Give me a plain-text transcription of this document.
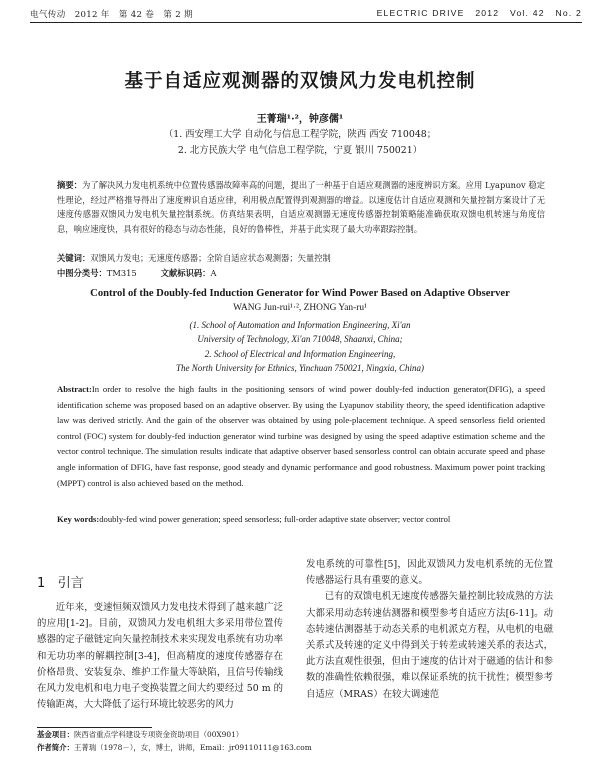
电气传动 2012 年 第 42 卷 第 2 期	ELECTRIC DRIVE 2012 Vol. 42 No. 2
基于自适应观测器的双馈风力发电机控制
王菁瑞¹·²，钟彦儒¹
（1. 西安理工大学 自动化与信息工程学院，陕西 西安 710048；
2. 北方民族大学 电气信息工程学院，宁夏 银川 750021）
摘要：为了解决风力发电机系统中位置传感器故障率高的问题，提出了一种基于自适应观测器的速度辨识方案。应用 Lyapunov 稳定性理论，经过严格推导得出了速度辨识自适应律，利用极点配置得到观测器的增益。以速度估计自适应观测和矢量控制方案设计了无速度传感器双馈风力发电机矢量控制系统。仿真结果表明，自适应观测器无速度传感器控制策略能准确获取双馈电机转速与角度信息，响应速度快，具有很好的稳态与动态性能，良好的鲁棒性，并基于此实现了最大功率跟踪控制。
关键词：双馈风力发电；无速度传感器；全阶自适应状态观测器；矢量控制
中图分类号：TM315	文献标识码：A
Control of the Doubly-fed Induction Generator for Wind Power Based on Adaptive Observer
WANG Jun-rui¹·², ZHONG Yan-ru¹
(1. School of Automation and Information Engineering, Xi'an
University of Technology, Xi'an 710048, Shaanxi, China;
2. School of Electrical and Information Engineering,
The North University for Ethnics, Yinchuan 750021, Ningxia, China)
Abstract:In order to resolve the high faults in the positioning sensors of wind power doubly-fed induction generator(DFIG), a speed identification scheme was proposed based on an adaptive observer. By using the Lyapunov stability theory, the speed identification adaptive law was derived strictly. And the gain of the observer was obtained by using pole-placement technique. A speed sensorless field oriented control (FOC) system for doubly-fed induction generator wind turbine was designed by using the speed adaptive estimation scheme and the vector control technique. The simulation results indicate that adaptive observer based sensorless control can obtain accurate speed and phase angle information of DFIG, have fast response, good steady and dynamic performance and good robustness. Maximum power point tracking (MPPT) control is also achieved based on the method.
Key words:doubly-fed wind power generation; speed sensorless; full-order adaptive state observer; vector control
1 引言

近年来，变速恒频双馈风力发电技术得到了越来越广泛的应用[1-2]。目前，双馈风力发电机组大多采用带位置传感器的定子磁链定向矢量控制技术来实现发电系统有功功率和无功功率的解耦控制[3-4]，但高精度的速度传感器存在价格昂贵、安装复杂、维护工作量大等缺陷，且信号传输线在风力发电机和电力电子变换装置之间大约要经过 50 m 的传输距离，大大降低了运行环境比较恶劣的风力

发电系统的可靠性[5]，因此双馈风力发电机系统的无位置传感器运行具有重要的意义。

已有的双馈电机无速度传感器矢量控制比较成熟的方法大都采用动态转速估测器和模型参考自适应方法[6-11]。动态转速估测器基于动态关系的电机派克方程，从电机的电磁关系式及转速的定义中得到关于转差或转速关系的表达式，此方法直观性很强，但由于速度的估计对于磁通的估计和参数的准确性依赖很强，难以保证系统的抗干扰性；模型参考自适应（MRAS）在较大调速范

基金项目：陕西省重点学科建设专项资金资助项目（00X901）
作者简介：王菁瑞（1978－），女，博士，讲师，Email：jr09110111@163.com
